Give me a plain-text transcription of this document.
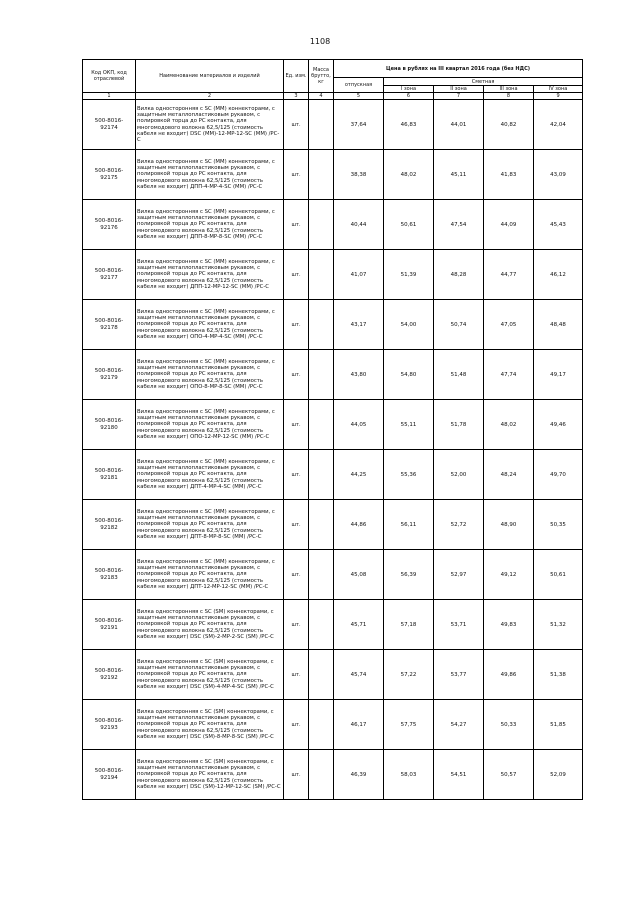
1108
Код ОКП, код отраслевой	Наименование материалов и изделий	Ед. изм.	Масса брутто, кг	Цена в рублях на III квартал 2016 года (без НДС)				
				отпускная	Сметная			
					I зона	II зона	III зона	IV зона
1	2	3	4	5	6	7	8	9

500-8016-
92174	Вилка односторонняя с SC (MM) коннекторами, с защитным металлопластиковым рукавом, с полировкой торца до PC контакта, для многомодового волокна 62,5/125 (стоимость кабеля не входит) DSC (MM)-12-MP-12-SC (MM) /PC-C	шт.		37,64	46,83	44,01	40,82	42,04

500-8016-
92175	Вилка односторонняя с SC (MM) коннекторами, с защитным металлопластиковым рукавом, с полировкой торца до PC контакта, для многомодового волокна 62,5/125 (стоимость кабеля не входит) ДПП-4-MP-4-SC (MM) /PC-C	шт.		38,38	48,02	45,11	41,83	43,09

500-8016-
92176	Вилка односторонняя с SC (MM) коннекторами, с защитным металлопластиковым рукавом, с полировкой торца до PC контакта, для многомодового волокна 62,5/125 (стоимость кабеля не входит) ДПП-8-MP-8-SC (MM) /PC-C	шт.		40,44	50,61	47,54	44,09	45,43

500-8016-
92177	Вилка односторонняя с SC (MM) коннекторами, с защитным металлопластиковым рукавом, с полировкой торца до PC контакта, для многомодового волокна 62,5/125 (стоимость кабеля не входит) ДПП-12-MP-12-SC (MM) /PC-C	шт.		41,07	51,39	48,28	44,77	46,12

500-8016-
92178	Вилка односторонняя с SC (MM) коннекторами, с защитным металлопластиковым рукавом, с полировкой торца до PC контакта, для многомодового волокна 62,5/125 (стоимость кабеля не входит) ОПО-4-MP-4-SC (MM) /PC-C	шт.		43,17	54,00	50,74	47,05	48,48

500-8016-
92179	Вилка односторонняя с SC (MM) коннекторами, с защитным металлопластиковым рукавом, с полировкой торца до PC контакта, для многомодового волокна 62,5/125 (стоимость кабеля не входит) ОПО-8-MP-8-SC (MM) /PC-C	шт.		43,80	54,80	51,48	47,74	49,17

500-8016-
92180	Вилка односторонняя с SC (MM) коннекторами, с защитным металлопластиковым рукавом, с полировкой торца до PC контакта, для многомодового волокна 62,5/125 (стоимость кабеля не входит) ОПО-12-MP-12-SC (MM) /PC-C	шт.		44,05	55,11	51,78	48,02	49,46

500-8016-
92181	Вилка односторонняя с SC (MM) коннекторами, с защитным металлопластиковым рукавом, с полировкой торца до PC контакта, для многомодового волокна 62,5/125 (стоимость кабеля не входит) ДПТ-4-MP-4-SC (MM) /PC-C	шт.		44,25	55,36	52,00	48,24	49,70

500-8016-
92182	Вилка односторонняя с SC (MM) коннекторами, с защитным металлопластиковым рукавом, с полировкой торца до PC контакта, для многомодового волокна 62,5/125 (стоимость кабеля не входит) ДПТ-8-MP-8-SC (MM) /PC-C	шт.		44,86	56,11	52,72	48,90	50,35

500-8016-
92183	Вилка односторонняя с SC (MM) коннекторами, с защитным металлопластиковым рукавом, с полировкой торца до PC контакта, для многомодового волокна 62,5/125 (стоимость кабеля не входит) ДПТ-12-MP-12-SC (MM) /PC-C	шт.		45,08	56,39	52,97	49,12	50,61

500-8016-
92191	Вилка односторонняя с SC (SM) коннекторами, с защитным металлопластиковым рукавом, с полировкой торца до PC контакта, для многомодового волокна 62,5/125 (стоимость кабеля не входит) DSC (SM)-2-MP-2-SC (SM) /PC-C	шт.		45,71	57,18	53,71	49,83	51,32

500-8016-
92192	Вилка односторонняя с SC (SM) коннекторами, с защитным металлопластиковым рукавом, с полировкой торца до PC контакта, для многомодового волокна 62,5/125 (стоимость кабеля не входит) DSC (SM)-4-MP-4-SC (SM) /PC-C	шт.		45,74	57,22	53,77	49,86	51,38

500-8016-
92193	Вилка односторонняя с SC (SM) коннекторами, с защитным металлопластиковым рукавом, с полировкой торца до PC контакта, для многомодового волокна 62,5/125 (стоимость кабеля не входит) DSC (SM)-8-MP-8-SC (SM) /PC-C	шт.		46,17	57,75	54,27	50,33	51,85

500-8016-
92194	Вилка односторонняя с SC (SM) коннекторами, с защитным металлопластиковым рукавом, с полировкой торца до PC контакта, для многомодового волокна 62,5/125 (стоимость кабеля не входит) DSC (SM)-12-MP-12-SC (SM) /PC-C	шт.		46,39	58,03	54,51	50,57	52,09
